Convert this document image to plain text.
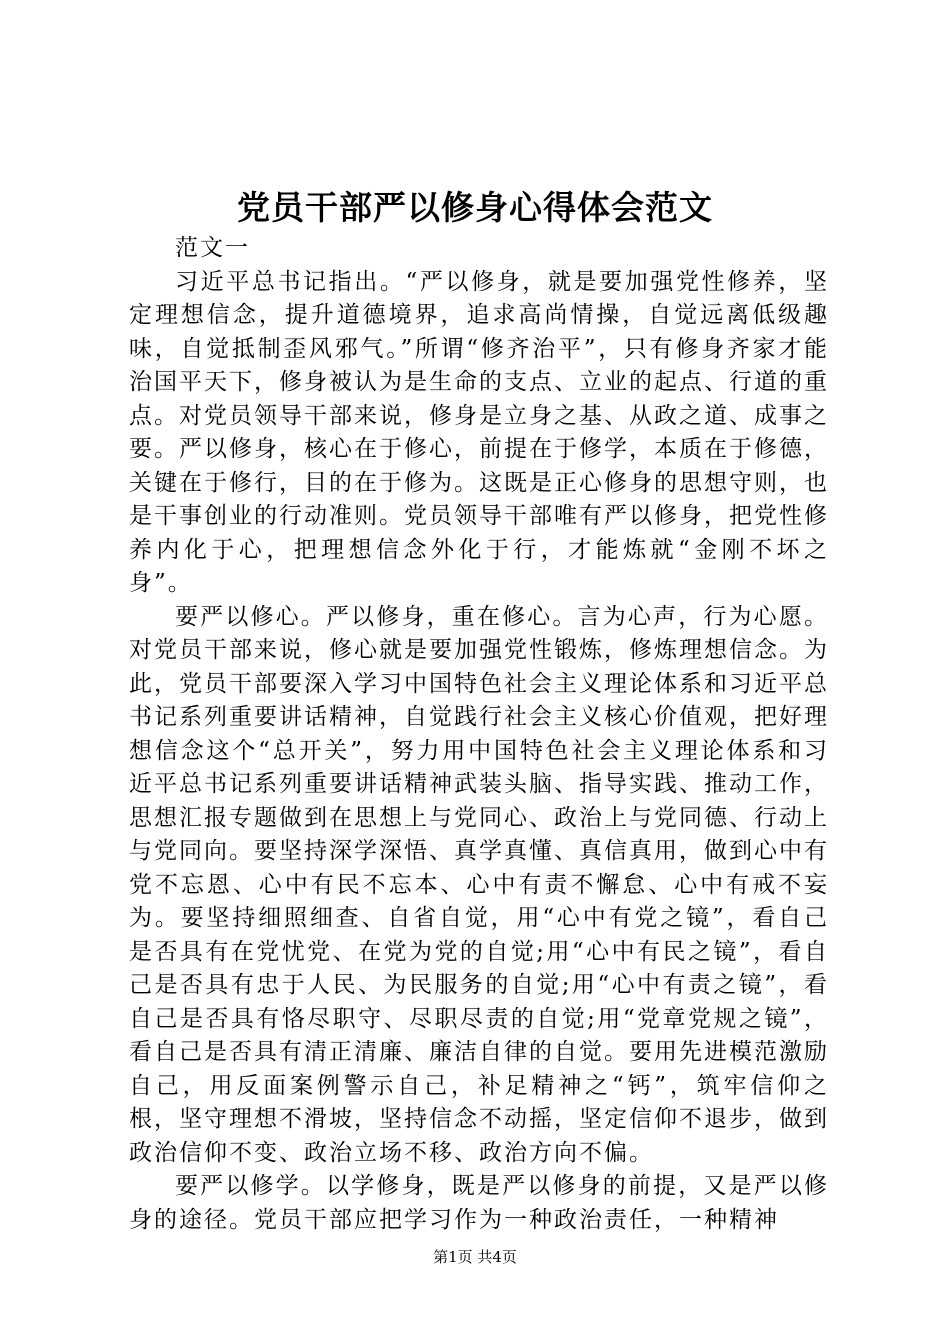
党员干部严以修身心得体会范文

范文一

习近平总书记指出。“严以修身，就是要加强党性修养，坚定理想信念，提升道德境界，追求高尚情操，自觉远离低级趣味，自觉抵制歪风邪气。”所谓“修齐治平”，只有修身齐家才能治国平天下，修身被认为是生命的支点、立业的起点、行道的重点。对党员领导干部来说，修身是立身之基、从政之道、成事之要。严以修身，核心在于修心，前提在于修学，本质在于修德，关键在于修行，目的在于修为。这既是正心修身的思想守则，也是干事创业的行动准则。党员领导干部唯有严以修身，把党性修养内化于心，把理想信念外化于行，才能炼就“金刚不坏之身”。

要严以修心。严以修身，重在修心。言为心声，行为心愿。对党员干部来说，修心就是要加强党性锻炼，修炼理想信念。为此，党员干部要深入学习中国特色社会主义理论体系和习近平总书记系列重要讲话精神，自觉践行社会主义核心价值观，把好理想信念这个“总开关”，努力用中国特色社会主义理论体系和习近平总书记系列重要讲话精神武装头脑、指导实践、推动工作，思想汇报专题做到在思想上与党同心、政治上与党同德、行动上与党同向。要坚持深学深悟、真学真懂、真信真用，做到心中有党不忘恩、心中有民不忘本、心中有责不懈怠、心中有戒不妄为。要坚持细照细查、自省自觉，用“心中有党之镜”，看自己是否具有在党忧党、在党为党的自觉;用“心中有民之镜”，看自己是否具有忠于人民、为民服务的自觉;用“心中有责之镜”，看自己是否具有恪尽职守、尽职尽责的自觉;用“党章党规之镜”，看自己是否具有清正清廉、廉洁自律的自觉。要用先进模范激励自己，用反面案例警示自己，补足精神之“钙”，筑牢信仰之根，坚守理想不滑坡，坚持信念不动摇，坚定信仰不退步，做到政治信仰不变、政治立场不移、政治方向不偏。

要严以修学。以学修身，既是严以修身的前提，又是严以修身的途径。党员干部应把学习作为一种政治责任，一种精神

第1页 共4页
